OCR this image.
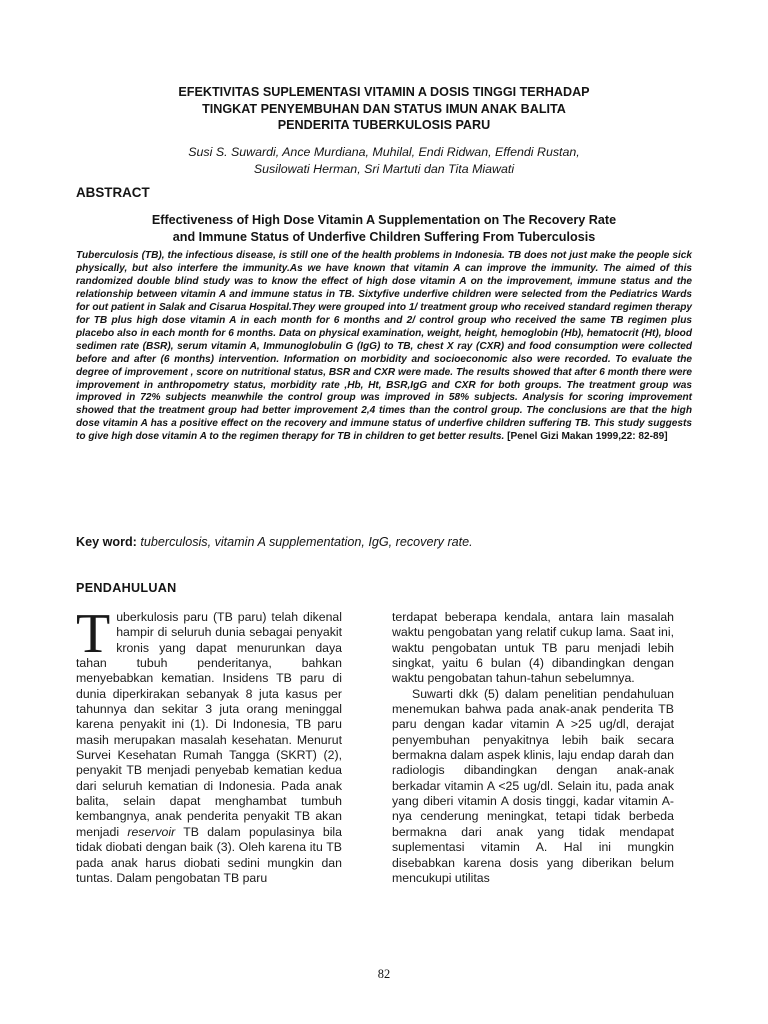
EFEKTIVITAS SUPLEMENTASI VITAMIN A DOSIS TINGGI TERHADAP
TINGKAT PENYEMBUHAN DAN STATUS IMUN ANAK BALITA
PENDERITA TUBERKULOSIS PARU
Susi S. Suwardi, Ance Murdiana, Muhilal, Endi Ridwan, Effendi Rustan,
Susilowati Herman, Sri Martuti dan Tita Miawati
ABSTRACT
Effectiveness of High Dose Vitamin A Supplementation on The Recovery Rate
and Immune Status of Underfive Children Suffering From Tuberculosis
Tuberculosis (TB), the infectious disease, is still one of the health problems in Indonesia. TB does not just make the people sick physically, but also interfere the immunity.As we have known that vitamin A can improve the immunity. The aimed of this randomized double blind study was to know the effect of high dose vitamin A on the improvement, immune status and the relationship between vitamin A and immune status in TB. Sixtyfive underfive children were selected from the Pediatrics Wards for out patient in Salak and Cisarua Hospital.They were grouped into 1/ treatment group who received standard regimen therapy for TB plus high dose vitamin A in each month for 6 months and 2/ control group who received the same TB regimen plus placebo also in each month for 6 months. Data on physical examination, weight, height, hemoglobin (Hb), hematocrit (Ht), blood sedimen rate (BSR), serum vitamin A, Immunoglobulin G (IgG) to TB, chest X ray (CXR) and food consumption were collected before and after (6 months) intervention. Information on morbidity and socioeconomic also were recorded. To evaluate the degree of improvement , score on nutritional status, BSR and CXR were made. The results showed that after 6 month there were improvement in anthropometry status, morbidity rate ,Hb, Ht, BSR,IgG and CXR for both groups. The treatment group was improved in 72% subjects meanwhile the control group was improved in 58% subjects. Analysis for scoring improvement showed that the treatment group had better improvement 2,4 times than the control group. The conclusions are that the high dose vitamin A has a positive effect on the recovery and immune status of underfive children suffering TB. This study suggests to give high dose vitamin A to the regimen therapy for TB in children to get better results. [Penel Gizi Makan 1999,22: 82-89]
Key word: tuberculosis, vitamin A supplementation, IgG, recovery rate.
PENDAHULUAN

Tuberkulosis paru (TB paru) telah dikenal hampir di seluruh dunia sebagai penyakit kronis yang dapat menurunkan daya tahan tubuh penderitanya, bahkan menyebabkan kematian. Insidens TB paru di dunia diperkirakan sebanyak 8 juta kasus per tahunnya dan sekitar 3 juta orang meninggal karena penyakit ini (1). Di Indonesia, TB paru masih merupakan masalah kesehatan. Menurut Survei Kesehatan Rumah Tangga (SKRT) (2), penyakit TB menjadi penyebab kematian kedua dari seluruh kematian di Indonesia. Pada anak balita, selain dapat menghambat tumbuh kembangnya, anak penderita penyakit TB akan menjadi reservoir TB dalam populasinya bila tidak diobati dengan baik (3). Oleh karena itu TB pada anak harus diobati sedini mungkin dan tuntas. Dalam pengobatan TB paru

terdapat beberapa kendala, antara lain masalah waktu pengobatan yang relatif cukup lama. Saat ini, waktu pengobatan untuk TB paru menjadi lebih singkat, yaitu 6 bulan (4) dibandingkan dengan waktu pengobatan tahun-tahun sebelumnya.

Suwarti dkk (5) dalam penelitian pendahuluan menemukan bahwa pada anak-anak penderita TB paru dengan kadar vitamin A >25 ug/dl, derajat penyembuhan penyakitnya lebih baik secara bermakna dalam aspek klinis, laju endap darah dan radiologis dibandingkan dengan anak-anak berkadar vitamin A <25 ug/dl. Selain itu, pada anak yang diberi vitamin A dosis tinggi, kadar vitamin A-nya cenderung meningkat, tetapi tidak berbeda bermakna dari anak yang tidak mendapat suplementasi vitamin A. Hal ini mungkin disebabkan karena dosis yang diberikan belum mencukupi utilitas

82
